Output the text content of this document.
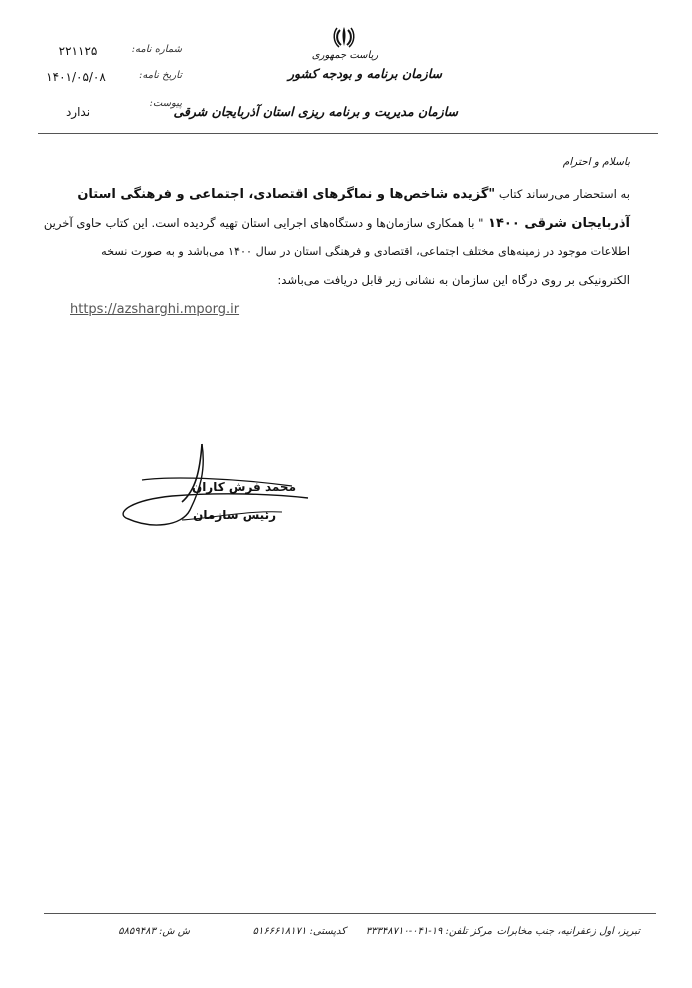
ریاست جمهوری
سازمان برنامه و بودجه کشور
سازمان مدیریت و برنامه ریزی استان آذربایجان شرقی
شماره نامه:
۲۲۱۱۲۵
تاریخ نامه:
۱۴۰۱/۰۵/۰۸
پیوست:
ندارد
باسلام و احترام
به استحضار می‌رساند کتاب "گزیده شاخص‌ها و نماگرهای اقتصادی، اجتماعی و فرهنگی استان
آذربایجان شرقی ۱۴۰۰ " با همکاری سازمان‌ها و دستگاه‌های اجرایی استان تهیه گردیده است. این کتاب حاوی آخرین
اطلاعات موجود در زمینه‌های مختلف اجتماعی، اقتصادی و فرهنگی استان در سال ۱۴۰۰ می‌باشد و به صورت نسخه
الکترونیکی بر روی درگاه این سازمان به نشانی زیر قابل دریافت می‌باشد:
https://azsharghi.mporg.ir
محمد فرش کاران
رئیس سازمان
تبریز، اول زعفرانیه، جنب مخابرات
مرکز تلفن: ۱۹-۰۴۱-۳۳۳۴۸۷۱۰
کدپستی: ۵۱۶۶۶۱۸۱۷۱
ش ش: ۵۸۵۹۴۸۳
